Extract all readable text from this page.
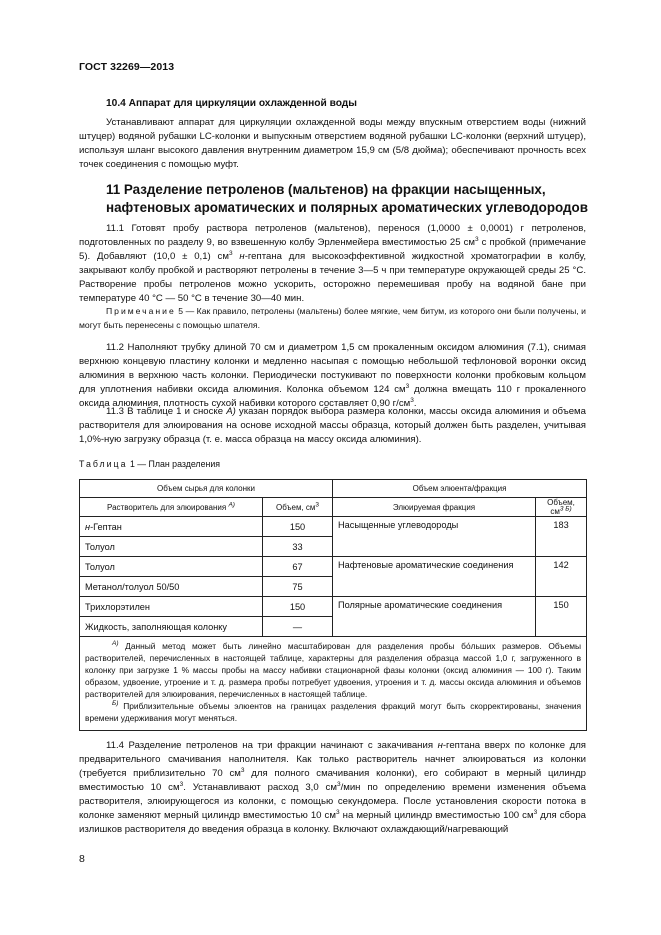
ГОСТ 32269—2013
10.4 Аппарат для циркуляции охлажденной воды

Устанавливают аппарат для циркуляции охлажденной воды между впускным отверстием воды (нижний штуцер) водяной рубашки LC-колонки и выпускным отверстием водяной рубашки LC-колонки (верхний штуцер), используя шланг высокого давления внутренним диаметром 15,9 см (5/8 дюйма); обеспечивают прочность всех точек соединения с помощью муфт.

11 Разделение петроленов (мальтенов) на фракции насыщенных, нафтеновых ароматических и полярных ароматических углеводородов

11.1 Готовят пробу раствора петроленов (мальтенов), перенося (1,0000 ± 0,0001) г петроленов, подготовленных по разделу 9, во взвешенную колбу Эрленмейера вместимостью 25 $см^3$ с пробкой (примечание 5). Добавляют (10,0 ± 0,1) $см^3$ н-гептана для высокоэффективной жидкостной хроматографии в колбу, закрывают колбу пробкой и растворяют петролены в течение 3—5 ч при температуре окружающей среды 25 °С. Растворение пробы петроленов можно ускорить, осторожно перемешивая пробу на водяной бане при температуре 40 °С — 50 °С в течение 30—40 мин.

Примечание 5 — Как правило, петролены (мальтены) более мягкие, чем битум, из которого они были получены, и могут быть перенесены с помощью шпателя.

11.2 Наполняют трубку длиной 70 см и диаметром 1,5 см прокаленным оксидом алюминия (7.1), снимая верхнюю концевую пластину колонки и медленно насыпая с помощью небольшой тефлоновой воронки оксид алюминия в верхнюю часть колонки. Периодически постукивают по поверхности колонки пробковым кольцом для уплотнения набивки оксида алюминия. Колонка объемом 124 $см^3$ должна вмещать 110 г прокаленного оксида алюминия, плотность сухой набивки которого составляет 0,90 $г/см^3$.

11.3 В таблице 1 и сноске А) указан порядок выбора размера колонки, массы оксида алюминия и объема растворителя для элюирования на основе исходной массы образца, который должен быть разделен, учитывая 1,0%-ную загрузку образца (т. е. масса образца на массу оксида алюминия).

Таблица 1 — План разделения
Объем сырья для колонки		Объем элюента/фракция	
Растворитель для элюирования $^{А)}$	Объем, $см^3$	Элюируемая фракция	Объем, $см^{3 Б)}$
н-Гептан	150	Насыщенные углеводороды	183
Толуол	33		
Толуол	67	Нафтеновые ароматические соединения	142
Метанол/толуол 50/50	75		
Трихлорэтилен	150	Полярные ароматические соединения	150
Жидкость, заполняющая колонку	—		

$^{А)}$ Данный метод может быть линейно масштабирован для разделения пробы бо́льших размеров. Объемы растворителей, перечисленных в настоящей таблице, характерны для разделения образца массой 1,0 г, загруженного в колонку при загрузке 1 % массы пробы на массу набивки стационарной фазы колонки (оксид алюминия — 100 г). Таким образом, удвоение, утроение и т. д. размера пробы потребует удвоения, утроения и т. д. массы оксида алюминия и объемов растворителей для элюирования, перечисленных в настоящей таблице.

$^{Б)}$ Приблизительные объемы элюентов на границах разделения фракций могут быть скорректированы, значения времени удерживания могут меняться.			

11.4 Разделение петроленов на три фракции начинают с закачивания н-гептана вверх по колонке для предварительного смачивания наполнителя. Как только растворитель начнет элюироваться из колонки (требуется приблизительно 70 $см^3$ для полного смачивания колонки), его собирают в мерный цилиндр вместимостью 10 $см^3$. Устанавливают расход 3,0 $см^3$/мин по определению времени изменения объема растворителя, элюирующегося из колонки, с помощью секундомера. После установления скорости потока в колонке заменяют мерный цилиндр вместимостью 10 $см^3$ на мерный цилиндр вместимостью 100 $см^3$ для сбора излишков растворителя до введения образца в колонку. Включают охлаждающий/нагревающий

8
